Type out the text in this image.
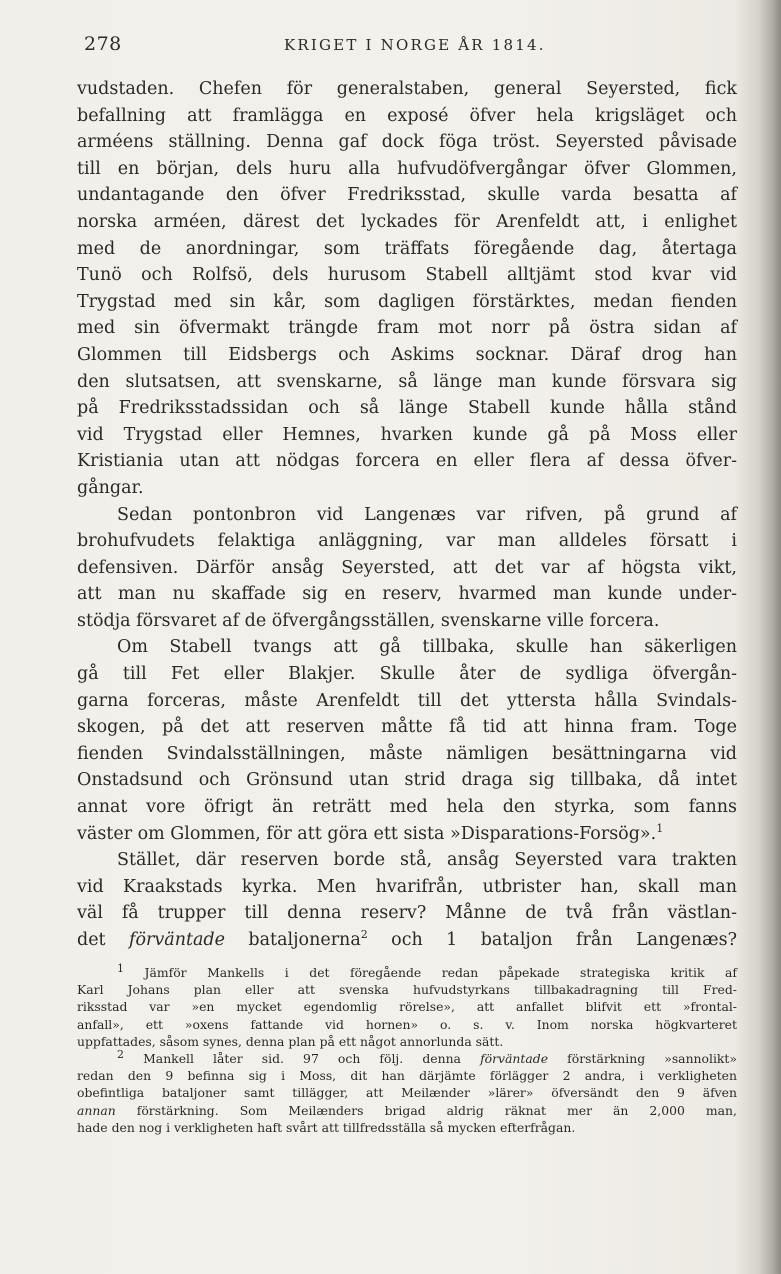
278	KRIGET I NORGE ÅR 1814.
vudstaden. Chefen för generalstaben, general Seyersted, fick
befallning att framlägga en exposé öfver hela krigsläget och
arméens ställning. Denna gaf dock föga tröst. Seyersted påvisade
till en början, dels huru alla hufvudöfvergångar öfver Glommen,
undantagande den öfver Fredriksstad, skulle varda besatta af
norska arméen, därest det lyckades för Arenfeldt att, i enlighet
med de anordningar, som träffats föregående dag, återtaga
Tunö och Rolfsö, dels hurusom Stabell alltjämt stod kvar vid
Trygstad med sin kår, som dagligen förstärktes, medan fienden
med sin öfvermakt trängde fram mot norr på östra sidan af
Glommen till Eidsbergs och Askims socknar. Däraf drog han
den slutsatsen, att svenskarne, så länge man kunde försvara sig
på Fredriksstadssidan och så länge Stabell kunde hålla stånd
vid Trygstad eller Hemnes, hvarken kunde gå på Moss eller
Kristiania utan att nödgas forcera en eller flera af dessa öfver-
gångar.
Sedan pontonbron vid Langenæs var rifven, på grund af
brohufvudets felaktiga anläggning, var man alldeles försatt i
defensiven. Därför ansåg Seyersted, att det var af högsta vikt,
att man nu skaffade sig en reserv, hvarmed man kunde under-
stödja försvaret af de öfvergångsställen, svenskarne ville forcera.
Om Stabell tvangs att gå tillbaka, skulle han säkerligen
gå till Fet eller Blakjer. Skulle åter de sydliga öfvergån-
garna forceras, måste Arenfeldt till det yttersta hålla Svindals-
skogen, på det att reserven måtte få tid att hinna fram. Toge
fienden Svindalsställningen, måste nämligen besättningarna vid
Onstadsund och Grönsund utan strid draga sig tillbaka, då intet
annat vore öfrigt än reträtt med hela den styrka, som fanns
väster om Glommen, för att göra ett sista »Disparations-Forsög».$^1$
Stället, där reserven borde stå, ansåg Seyersted vara trakten
vid Kraakstads kyrka. Men hvarifrån, utbrister han, skall man
väl få trupper till denna reserv? Månne de två från västlan-
det förväntade bataljonerna$^2$ och 1 bataljon från Langenæs?
1 Jämför Mankells i det föregående redan påpekade strategiska kritik af
Karl Johans plan eller att svenska hufvudstyrkans tillbakadragning till Fred-
riksstad var »en mycket egendomlig rörelse», att anfallet blifvit ett »frontal-
anfall», ett »oxens fattande vid hornen» o. s. v. Inom norska högkvarteret
uppfattades, såsom synes, denna plan på ett något annorlunda sätt.
2 Mankell låter sid. 97 och följ. denna förväntade förstärkning »sannolikt»
redan den 9 befinna sig i Moss, dit han därjämte förlägger 2 andra, i verkligheten
obefintliga bataljoner samt tillägger, att Meilænder »lärer» öfversändt den 9 äfven
annan förstärkning. Som Meilænders brigad aldrig räknat mer än 2,000 man,
hade den nog i verkligheten haft svårt att tillfredsställa så mycken efterfrågan.
